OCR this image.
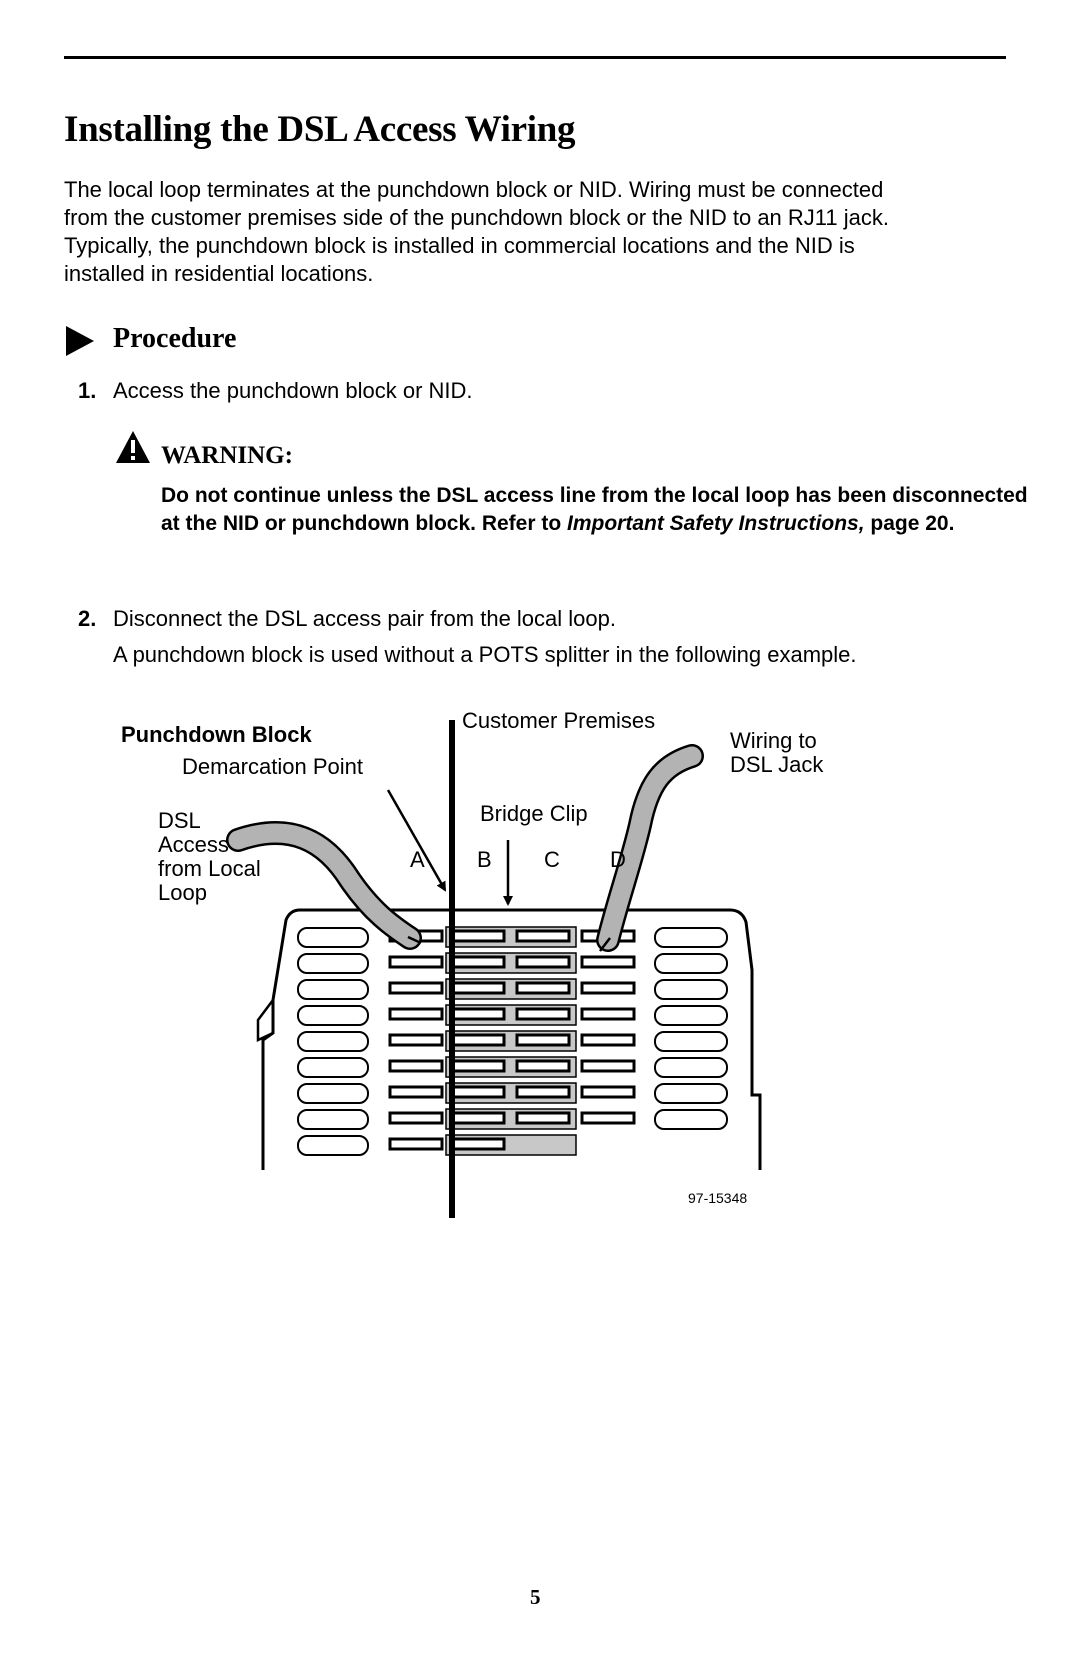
Installing the DSL Access Wiring

The local loop terminates at the punchdown block or NID. Wiring must be connected
from the customer premises side of the punchdown block or the NID to an RJ11 jack.
Typically, the punchdown block is installed in commercial locations and the NID is
installed in residential locations.

Procedure
1. Access the punchdown block or NID.
WARNING:

Do not continue unless the DSL access line from the local loop has been disconnected at the NID or punchdown block. Refer to Important Safety Instructions, page 20.

2. Disconnect the DSL access pair from the local loop.
A punchdown block is used without a POTS splitter in the following example.
Punchdown Block
Customer Premises
Wiring to
DSL Jack
Demarcation Point
DSL
Access
from Local
Loop
Bridge Clip
A B C D
97-15348
5
